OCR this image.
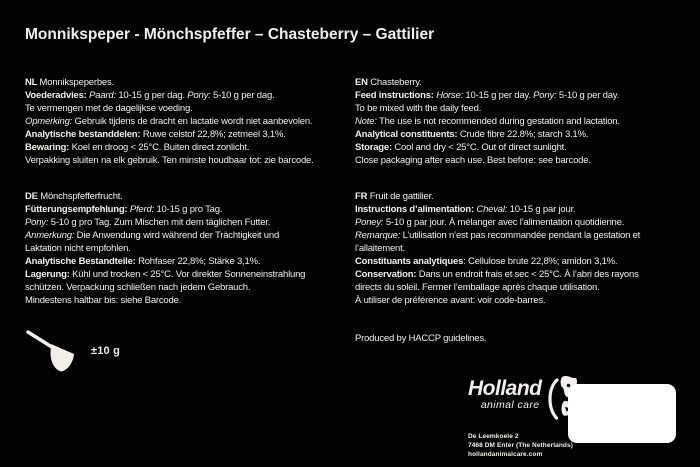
Monnikspeper - Mönchspfeffer – Chasteberry – Gattilier
NL Monnikspeperbes.
Voederadvies: Paard: 10-15 g per dag. Pony: 5-10 g per dag.
Te vermengen met de dagelijkse voeding.
Opmerking: Gebruik tijdens de dracht en lactatie wordt niet aanbevolen.
Analytische bestanddelen: Ruwe celstof 22,8%; zetmeel 3,1%.
Bewaring: Koel en droog < 25°C. Buiten direct zonlicht.
Verpakking sluiten na elk gebruik. Ten minste houdbaar tot: zie barcode.
DE Mönchspfefferfrucht.
Fütterungsempfehlung: Pferd: 10-15 g pro Tag.
Pony: 5-10 g pro Tag. Zum Mischen mit dem täglichen Futter.
Anmerkung: Die Anwendung wird während der Trächtigkeit und
Laktation nicht empfohlen.
Analytische Bestandteile: Rohfaser 22,8%; Stärke 3,1%.
Lagerung: Kühl und trocken < 25°C. Vor direkter Sonneneinstrahlung
schützen. Verpackung schließen nach jedem Gebrauch.
Mindestens haltbar bis: siehe Barcode.
±10 g
EN Chasteberry.
Feed instructions: Horse: 10-15 g per day. Pony: 5-10 g per day.
To be mixed with the daily feed.
Note: The use is not recommended during gestation and lactation.
Analytical constituents: Crude fibre 22.8%; starch 3.1%.
Storage: Cool and dry < 25°C. Out of direct sunlight.
Close packaging after each use. Best before: see barcode.
FR Fruit de gattilier.
Instructions d’alimentation: Cheval: 10-15 g par jour.
Poney: 5-10 g par jour. À mélanger avec l’alimentation quotidienne.
Remarque: L’utilisation n’est pas recommandée pendant la gestation et
l’allaitement.
Constituants analytiques: Cellulose brute 22,8%; amidon 3,1%.
Conservation: Dans un endroit frais et sec < 25°C. À l’abri des rayons
directs du soleil. Fermer l’emballage après chaque utilisation.
À utiliser de préférence avant: voir code-barres.

Produced by HACCP guidelines.

Holland
animal care
De Leemkoele 2
7468 DM Enter (The Netherlands)
hollandanimalcare.com
